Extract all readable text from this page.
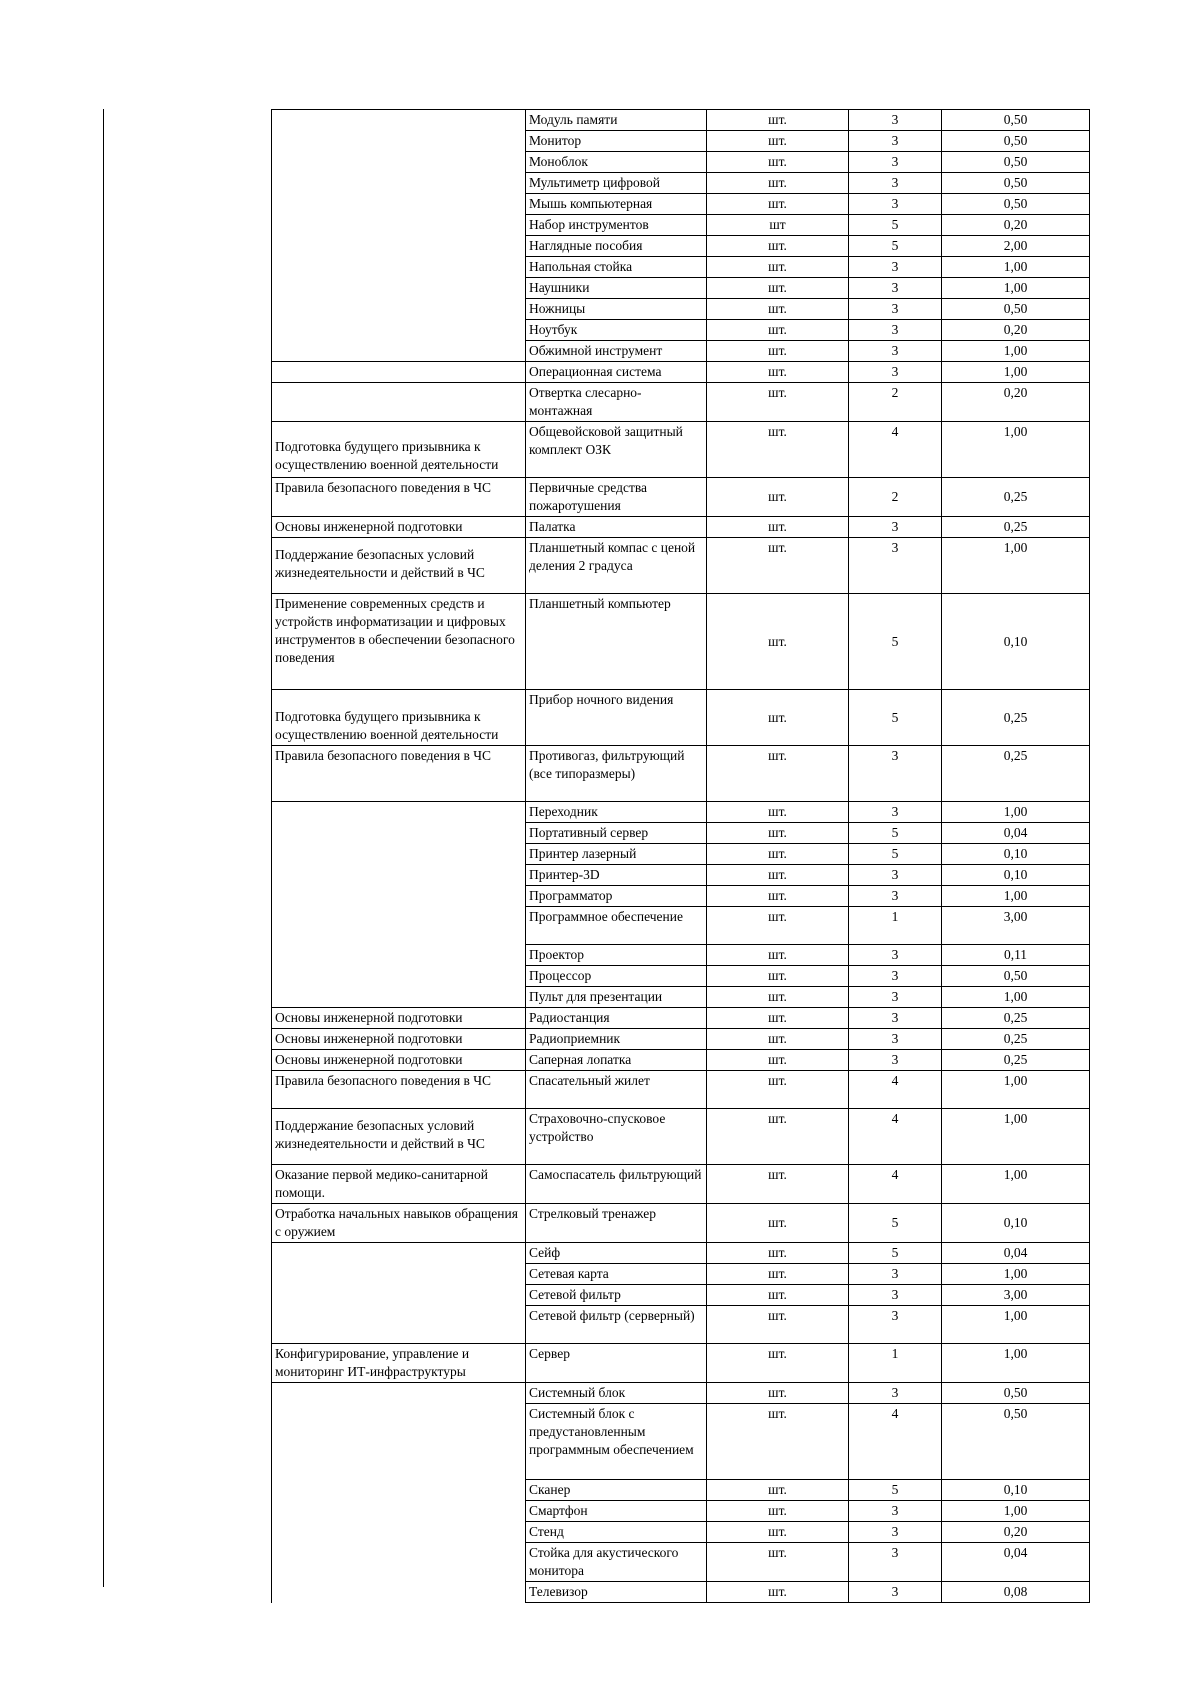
	Модуль памяти	шт.	3	0,50
	Монитор	шт.	3	0,50
	Моноблок	шт.	3	0,50
	Мультиметр цифровой	шт.	3	0,50
	Мышь компьютерная	шт.	3	0,50
	Набор инструментов	шт	5	0,20
	Наглядные пособия	шт.	5	2,00
	Напольная стойка	шт.	3	1,00
	Наушники	шт.	3	1,00
	Ножницы	шт.	3	0,50
	Ноутбук	шт.	3	0,20
	Обжимной инструмент	шт.	3	1,00
	Операционная система	шт.	3	1,00
	Отвертка слесарно-монтажная	шт.	2	0,20
Подготовка будущего призывника к осуществлению военной деятельности	Общевойсковой защитный комплект ОЗК	шт.	4	1,00
Правила безопасного поведения в ЧС	Первичные средства пожаротушения	шт.	2	0,25
Основы инженерной подготовки	Палатка	шт.	3	0,25
Поддержание безопасных условий жизнедеятельности и действий в ЧС	Планшетный компас с ценой деления 2 градуса	шт.	3	1,00
Применение современных средств и устройств информатизации и цифровых инструментов в обеспечении безопасного поведения	Планшетный компьютер	шт.	5	0,10
Подготовка будущего призывника к осуществлению военной деятельности	Прибор ночного видения	шт.	5	0,25
Правила безопасного поведения в ЧС	Противогаз, фильтрующий (все типоразмеры)	шт.	3	0,25
	Переходник	шт.	3	1,00
	Портативный сервер	шт.	5	0,04
	Принтер лазерный	шт.	5	0,10
	Принтер-3D	шт.	3	0,10
	Программатор	шт.	3	1,00
	Программное обеспечение	шт.	1	3,00
	Проектор	шт.	3	0,11
	Процессор	шт.	3	0,50
	Пульт для презентации	шт.	3	1,00
Основы инженерной подготовки	Радиостанция	шт.	3	0,25
Основы инженерной подготовки	Радиоприемник	шт.	3	0,25
Основы инженерной подготовки	Саперная лопатка	шт.	3	0,25
Правила безопасного поведения в ЧС	Спасательный жилет	шт.	4	1,00
Поддержание безопасных условий жизнедеятельности и действий в ЧС	Страховочно-спусковое устройство	шт.	4	1,00
Оказание первой медико-санитарной помощи.	Самоспасатель фильтрующий	шт.	4	1,00
Отработка начальных навыков обращения с оружием	Стрелковый тренажер	шт.	5	0,10
	Сейф	шт.	5	0,04
	Сетевая карта	шт.	3	1,00
	Сетевой фильтр	шт.	3	3,00
	Сетевой фильтр (серверный)	шт.	3	1,00
Конфигурирование, управление и мониторинг ИТ-инфраструктуры	Сервер	шт.	1	1,00
	Системный блок	шт.	3	0,50
	Системный блок с предустановленным программным обеспечением	шт.	4	0,50
	Сканер	шт.	5	0,10
	Смартфон	шт.	3	1,00
	Стенд	шт.	3	0,20
	Стойка для акустического монитора	шт.	3	0,04
	Телевизор	шт.	3	0,08
